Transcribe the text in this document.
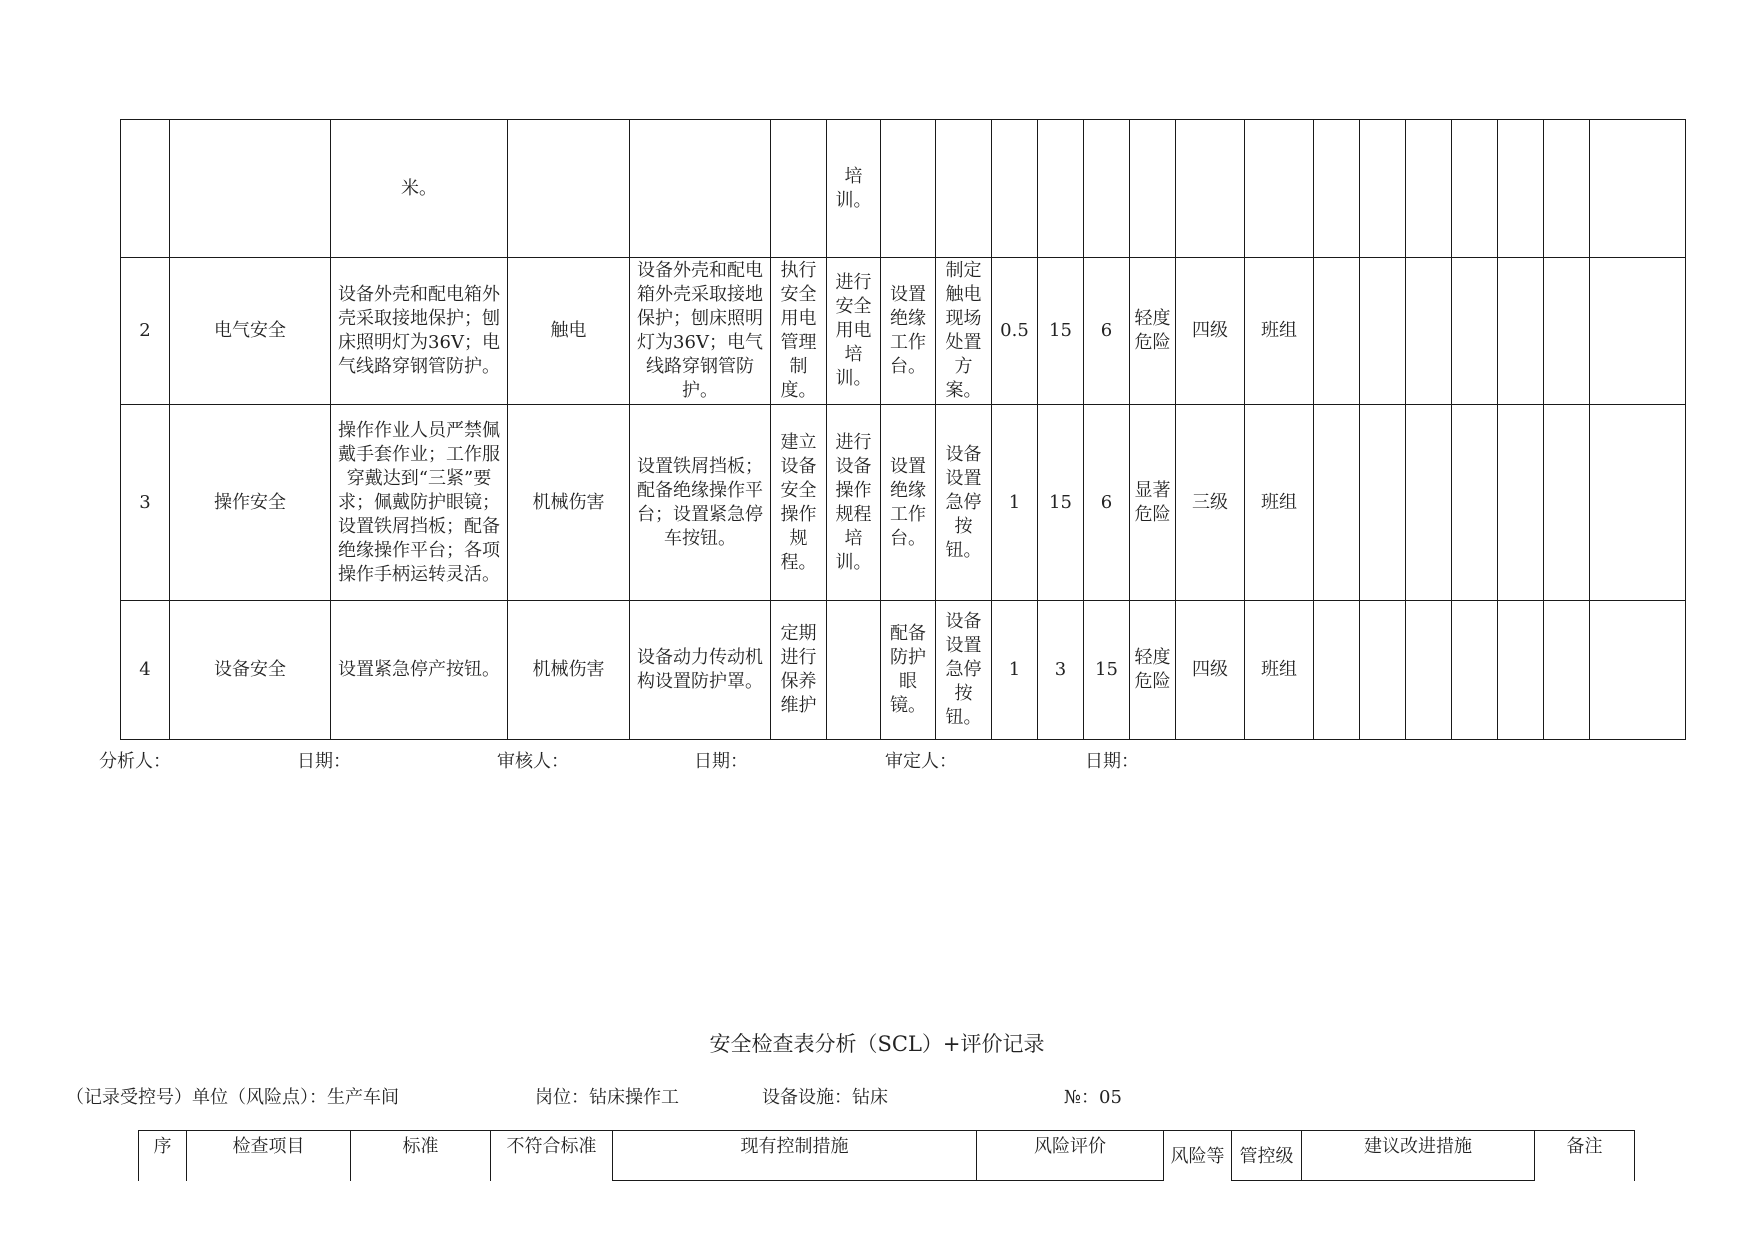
		米。				培训。															
2	电气安全	设备外壳和配电箱外壳采取接地保护；刨床照明灯为36V；电气线路穿钢管防护。	触电	设备外壳和配电箱外壳采取接地保护；刨床照明灯为36V；电气线路穿钢管防护。	执行安全用电管理制度。	进行安全用电培训。	设置绝缘工作台。	制定触电现场处置方案。	0.5	15	6	轻度危险	四级	班组							
3	操作安全	操作作业人员严禁佩戴手套作业；工作服穿戴达到“三紧”要求；佩戴防护眼镜；设置铁屑挡板；配备绝缘操作平台；各项操作手柄运转灵活。	机械伤害	设置铁屑挡板；配备绝缘操作平台；设置紧急停车按钮。	建立设备安全操作规程。	进行设备操作规程培训。	设置绝缘工作台。	设备设置急停按钮。	1	15	6	显著危险	三级	班组							
4	设备安全	设置紧急停产按钮。	机械伤害	设备动力传动机构设置防护罩。	定期进行保养维护		配备防护眼镜。	设备设置急停按钮。	1	3	15	轻度危险	四级	班组							
分析人：	日期：	审核人：	日期：	审定人：	日期：
安全检查表分析（SCL）+评价记录
（记录受控号）单位（风险点）：生产车间	岗位：钻床操作工	设备设施：钻床	№：05
序	检查项目	标准	不符合标准	现有控制措施	风险评价	风险等	管控级	建议改进措施	备注
